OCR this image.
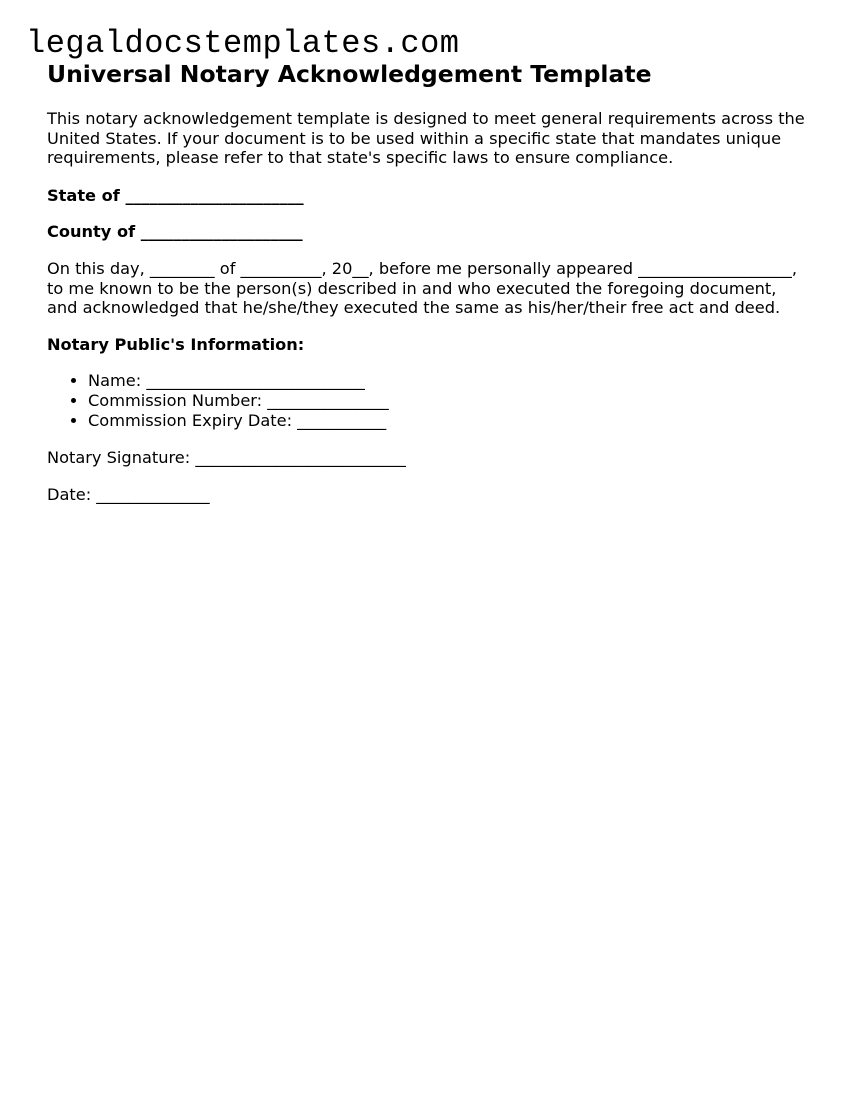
legaldocstemplates.com
Universal Notary Acknowledgement Template

This notary acknowledgement template is designed to meet general requirements across the United States. If your document is to be used within a specific state that mandates unique requirements, please refer to that state's specific laws to ensure compliance.

State of ______________________

County of ____________________

On this day, ________ of __________, 20__, before me personally appeared ___________________, to me known to be the person(s) described in and who executed the foregoing document, and acknowledged that he/she/they executed the same as his/her/their free act and deed.

Notary Public's Information:

• Name: ___________________________
• Commission Number: _______________
• Commission Expiry Date: ___________

Notary Signature: __________________________

Date: ______________
